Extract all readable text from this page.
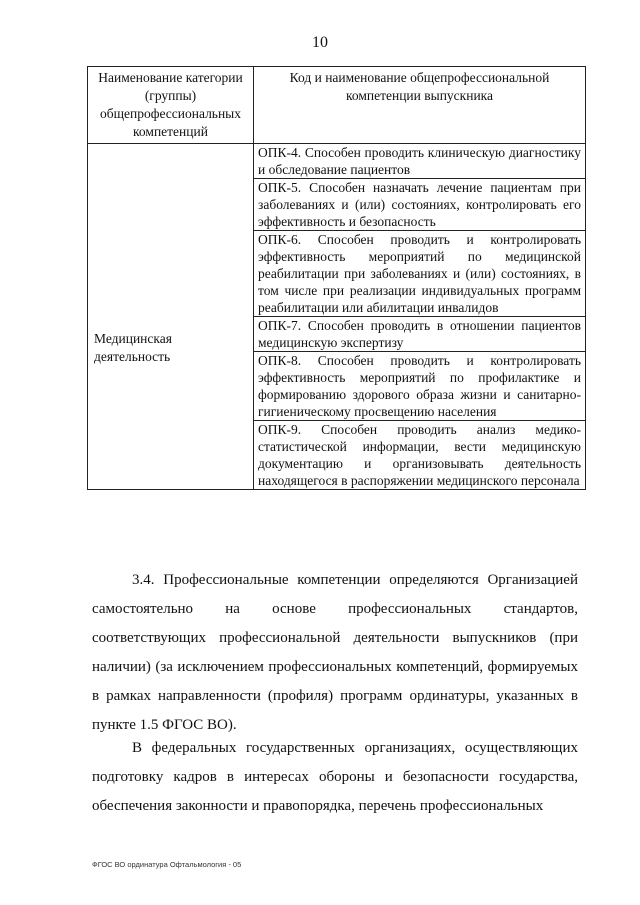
10
Наименование категории (группы) общепрофессиональных компетенций	Код и наименование общепрофессиональной компетенции выпускника

Медицинская деятельность	ОПК-4. Способен проводить клиническую диагностику и обследование пациентов

	ОПК-5. Способен назначать лечение пациентам при заболеваниях и (или) состояниях, контролировать его эффективность и безопасность

	ОПК-6. Способен проводить и контролировать эффективность мероприятий по медицинской реабилитации при заболеваниях и (или) состояниях, в том числе при реализации индивидуальных программ реабилитации или абилитации инвалидов

	ОПК-7. Способен проводить в отношении пациентов медицинскую экспертизу

	ОПК-8. Способен проводить и контролировать эффективность мероприятий по профилактике и формированию здорового образа жизни и санитарно-гигиеническому просвещению населения

	ОПК-9. Способен проводить анализ медико-статистической информации, вести медицинскую документацию и организовывать деятельность находящегося в распоряжении медицинского персонала
3.4. Профессиональные компетенции определяются Организацией самостоятельно на основе профессиональных стандартов, соответствующих профессиональной деятельности выпускников (при наличии) (за исключением профессиональных компетенций, формируемых в рамках направленности (профиля) программ ординатуры, указанных в пункте 1.5 ФГОС ВО).
В федеральных государственных организациях, осуществляющих подготовку кадров в интересах обороны и безопасности государства, обеспечения законности и правопорядка, перечень профессиональных
ФГОС ВО ординатура Офтальмология - 05
